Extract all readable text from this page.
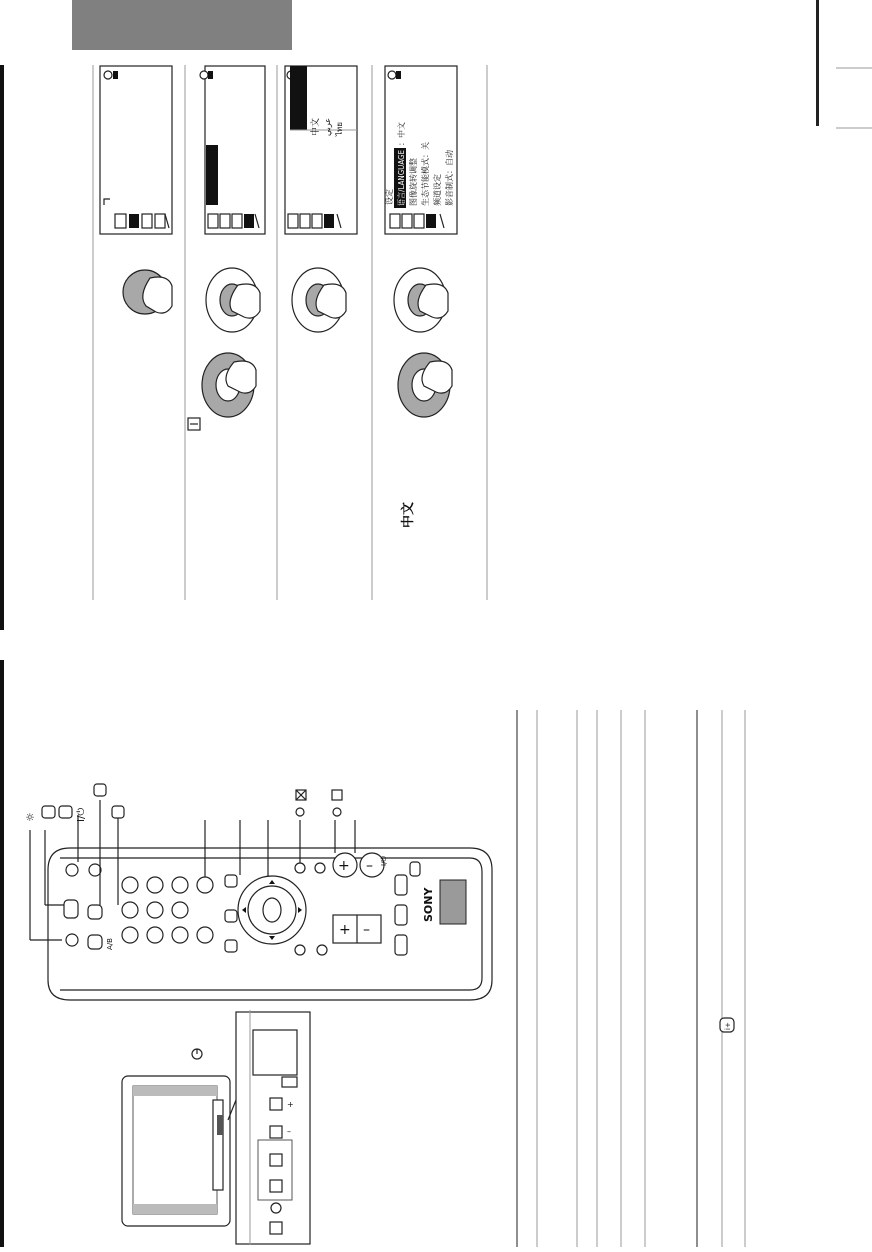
中文 عربي ไทย
设定 语言/LANGUAGE
：中文
图像旋转调整 生态节能模式：关 频道设定 影音制式：自动
中文
+
–
A/B
+ –
+ –
I/⏻
SONY
☼	I/⏻
i+
